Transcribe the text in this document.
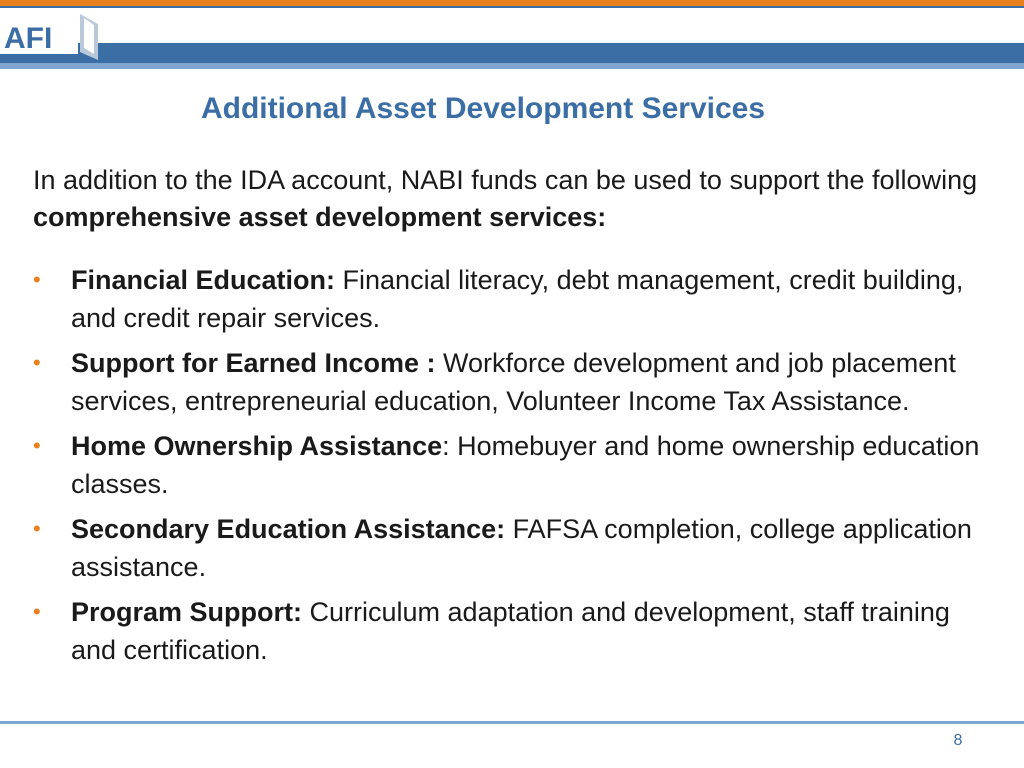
AFI
Additional Asset Development Services
In addition to the IDA account, NABI funds can be used to support the following comprehensive asset development services:
• Financial Education: Financial literacy, debt management, credit building, and credit repair services.
• Support for Earned Income : Workforce development and job placement services, entrepreneurial education, Volunteer Income Tax Assistance.
• Home Ownership Assistance: Homebuyer and home ownership education classes.
• Secondary Education Assistance: FAFSA completion, college application assistance.
• Program Support: Curriculum adaptation and development, staff training and certification.
8
